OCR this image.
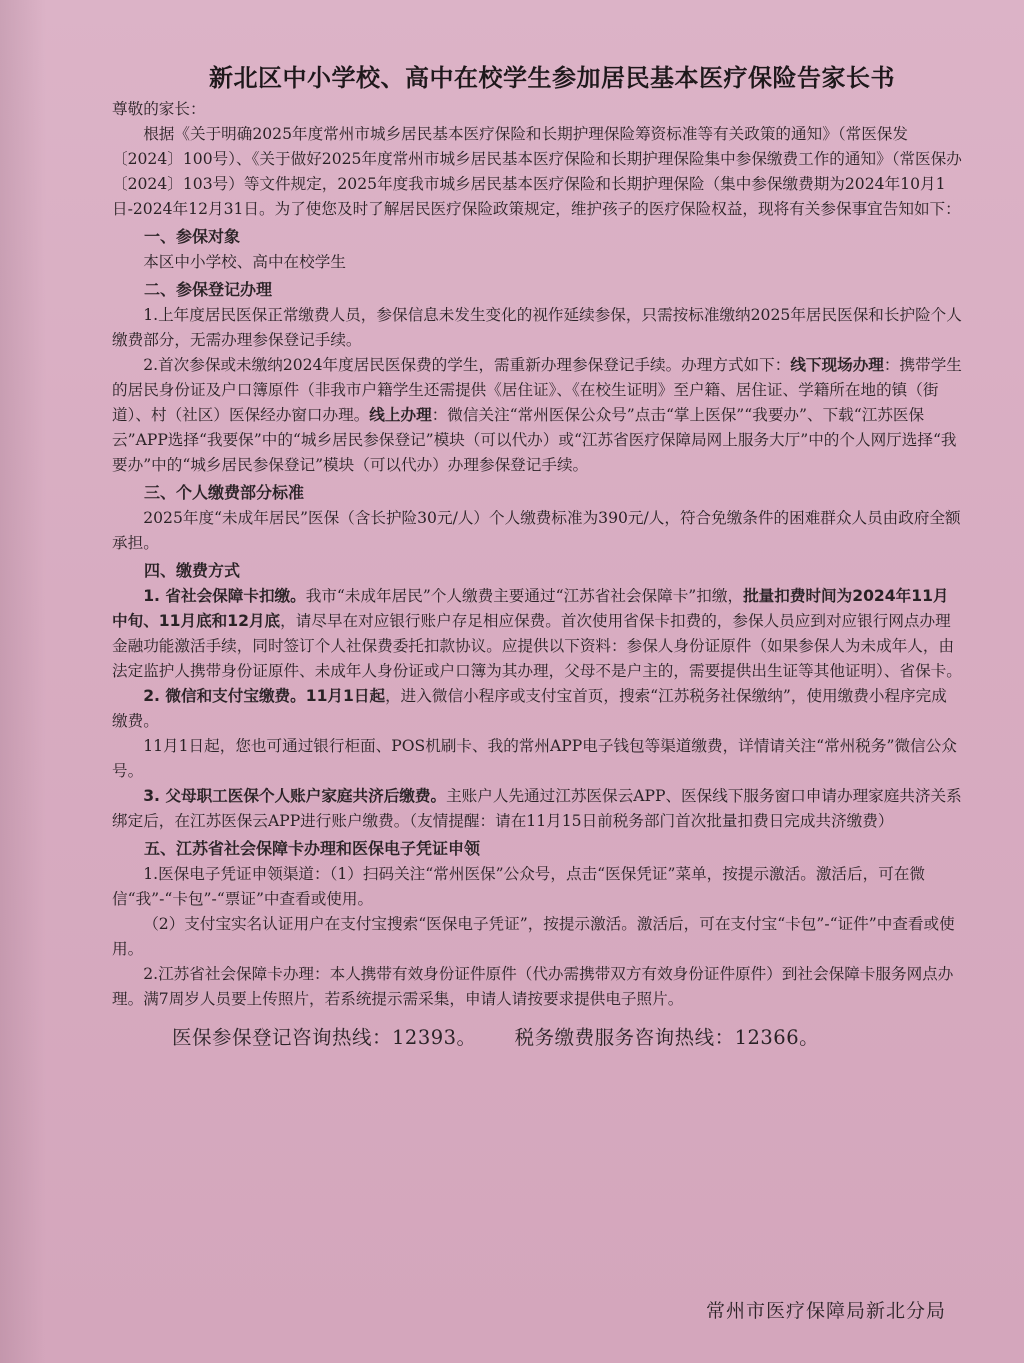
新北区中小学校、高中在校学生参加居民基本医疗保险告家长书

尊敬的家长：

根据《关于明确2025年度常州市城乡居民基本医疗保险和长期护理保险筹资标准等有关政策的通知》（常医保发〔2024〕100号）、《关于做好2025年度常州市城乡居民基本医疗保险和长期护理保险集中参保缴费工作的通知》（常医保办〔2024〕103号）等文件规定，2025年度我市城乡居民基本医疗保险和长期护理保险（集中参保缴费期为2024年10月1日-2024年12月31日。为了使您及时了解居民医疗保险政策规定，维护孩子的医疗保险权益，现将有关参保事宜告知如下：

一、参保对象

本区中小学校、高中在校学生

二、参保登记办理

1.上年度居民医保正常缴费人员，参保信息未发生变化的视作延续参保，只需按标准缴纳2025年居民医保和长护险个人缴费部分，无需办理参保登记手续。

2.首次参保或未缴纳2024年度居民医保费的学生，需重新办理参保登记手续。办理方式如下：线下现场办理：携带学生的居民身份证及户口簿原件（非我市户籍学生还需提供《居住证》、《在校生证明》至户籍、居住证、学籍所在地的镇（街道）、村（社区）医保经办窗口办理。线上办理：微信关注“常州医保公众号”点击“掌上医保”“我要办”、下载“江苏医保云”APP选择“我要保”中的“城乡居民参保登记”模块（可以代办）或“江苏省医疗保障局网上服务大厅”中的个人网厅选择“我要办”中的“城乡居民参保登记”模块（可以代办）办理参保登记手续。

三、个人缴费部分标准

2025年度“未成年居民”医保（含长护险30元/人）个人缴费标准为390元/人，符合免缴条件的困难群众人员由政府全额承担。

四、缴费方式

1. 省社会保障卡扣缴。我市“未成年居民”个人缴费主要通过“江苏省社会保障卡”扣缴，批量扣费时间为2024年11月中旬、11月底和12月底，请尽早在对应银行账户存足相应保费。首次使用省保卡扣费的，参保人员应到对应银行网点办理金融功能激活手续，同时签订个人社保费委托扣款协议。应提供以下资料：参保人身份证原件（如果参保人为未成年人，由法定监护人携带身份证原件、未成年人身份证或户口簿为其办理，父母不是户主的，需要提供出生证等其他证明）、省保卡。

2. 微信和支付宝缴费。11月1日起，进入微信小程序或支付宝首页，搜索“江苏税务社保缴纳”，使用缴费小程序完成缴费。

11月1日起，您也可通过银行柜面、POS机刷卡、我的常州APP电子钱包等渠道缴费，详情请关注“常州税务”微信公众号。

3. 父母职工医保个人账户家庭共济后缴费。主账户人先通过江苏医保云APP、医保线下服务窗口申请办理家庭共济关系绑定后，在江苏医保云APP进行账户缴费。（友情提醒：请在11月15日前税务部门首次批量扣费日完成共济缴费）

五、江苏省社会保障卡办理和医保电子凭证申领

1.医保电子凭证申领渠道：（1）扫码关注“常州医保”公众号，点击“医保凭证”菜单，按提示激活。激活后，可在微信“我”-“卡包”-“票证”中查看或使用。

（2）支付宝实名认证用户在支付宝搜索“医保电子凭证”，按提示激活。激活后，可在支付宝“卡包”-“证件”中查看或使用。

2.江苏省社会保障卡办理：本人携带有效身份证件原件（代办需携带双方有效身份证件原件）到社会保障卡服务网点办理。满7周岁人员要上传照片，若系统提示需采集，申请人请按要求提供电子照片。

医保参保登记咨询热线：12393。 税务缴费服务咨询热线：12366。
常州市医疗保障局新北分局
